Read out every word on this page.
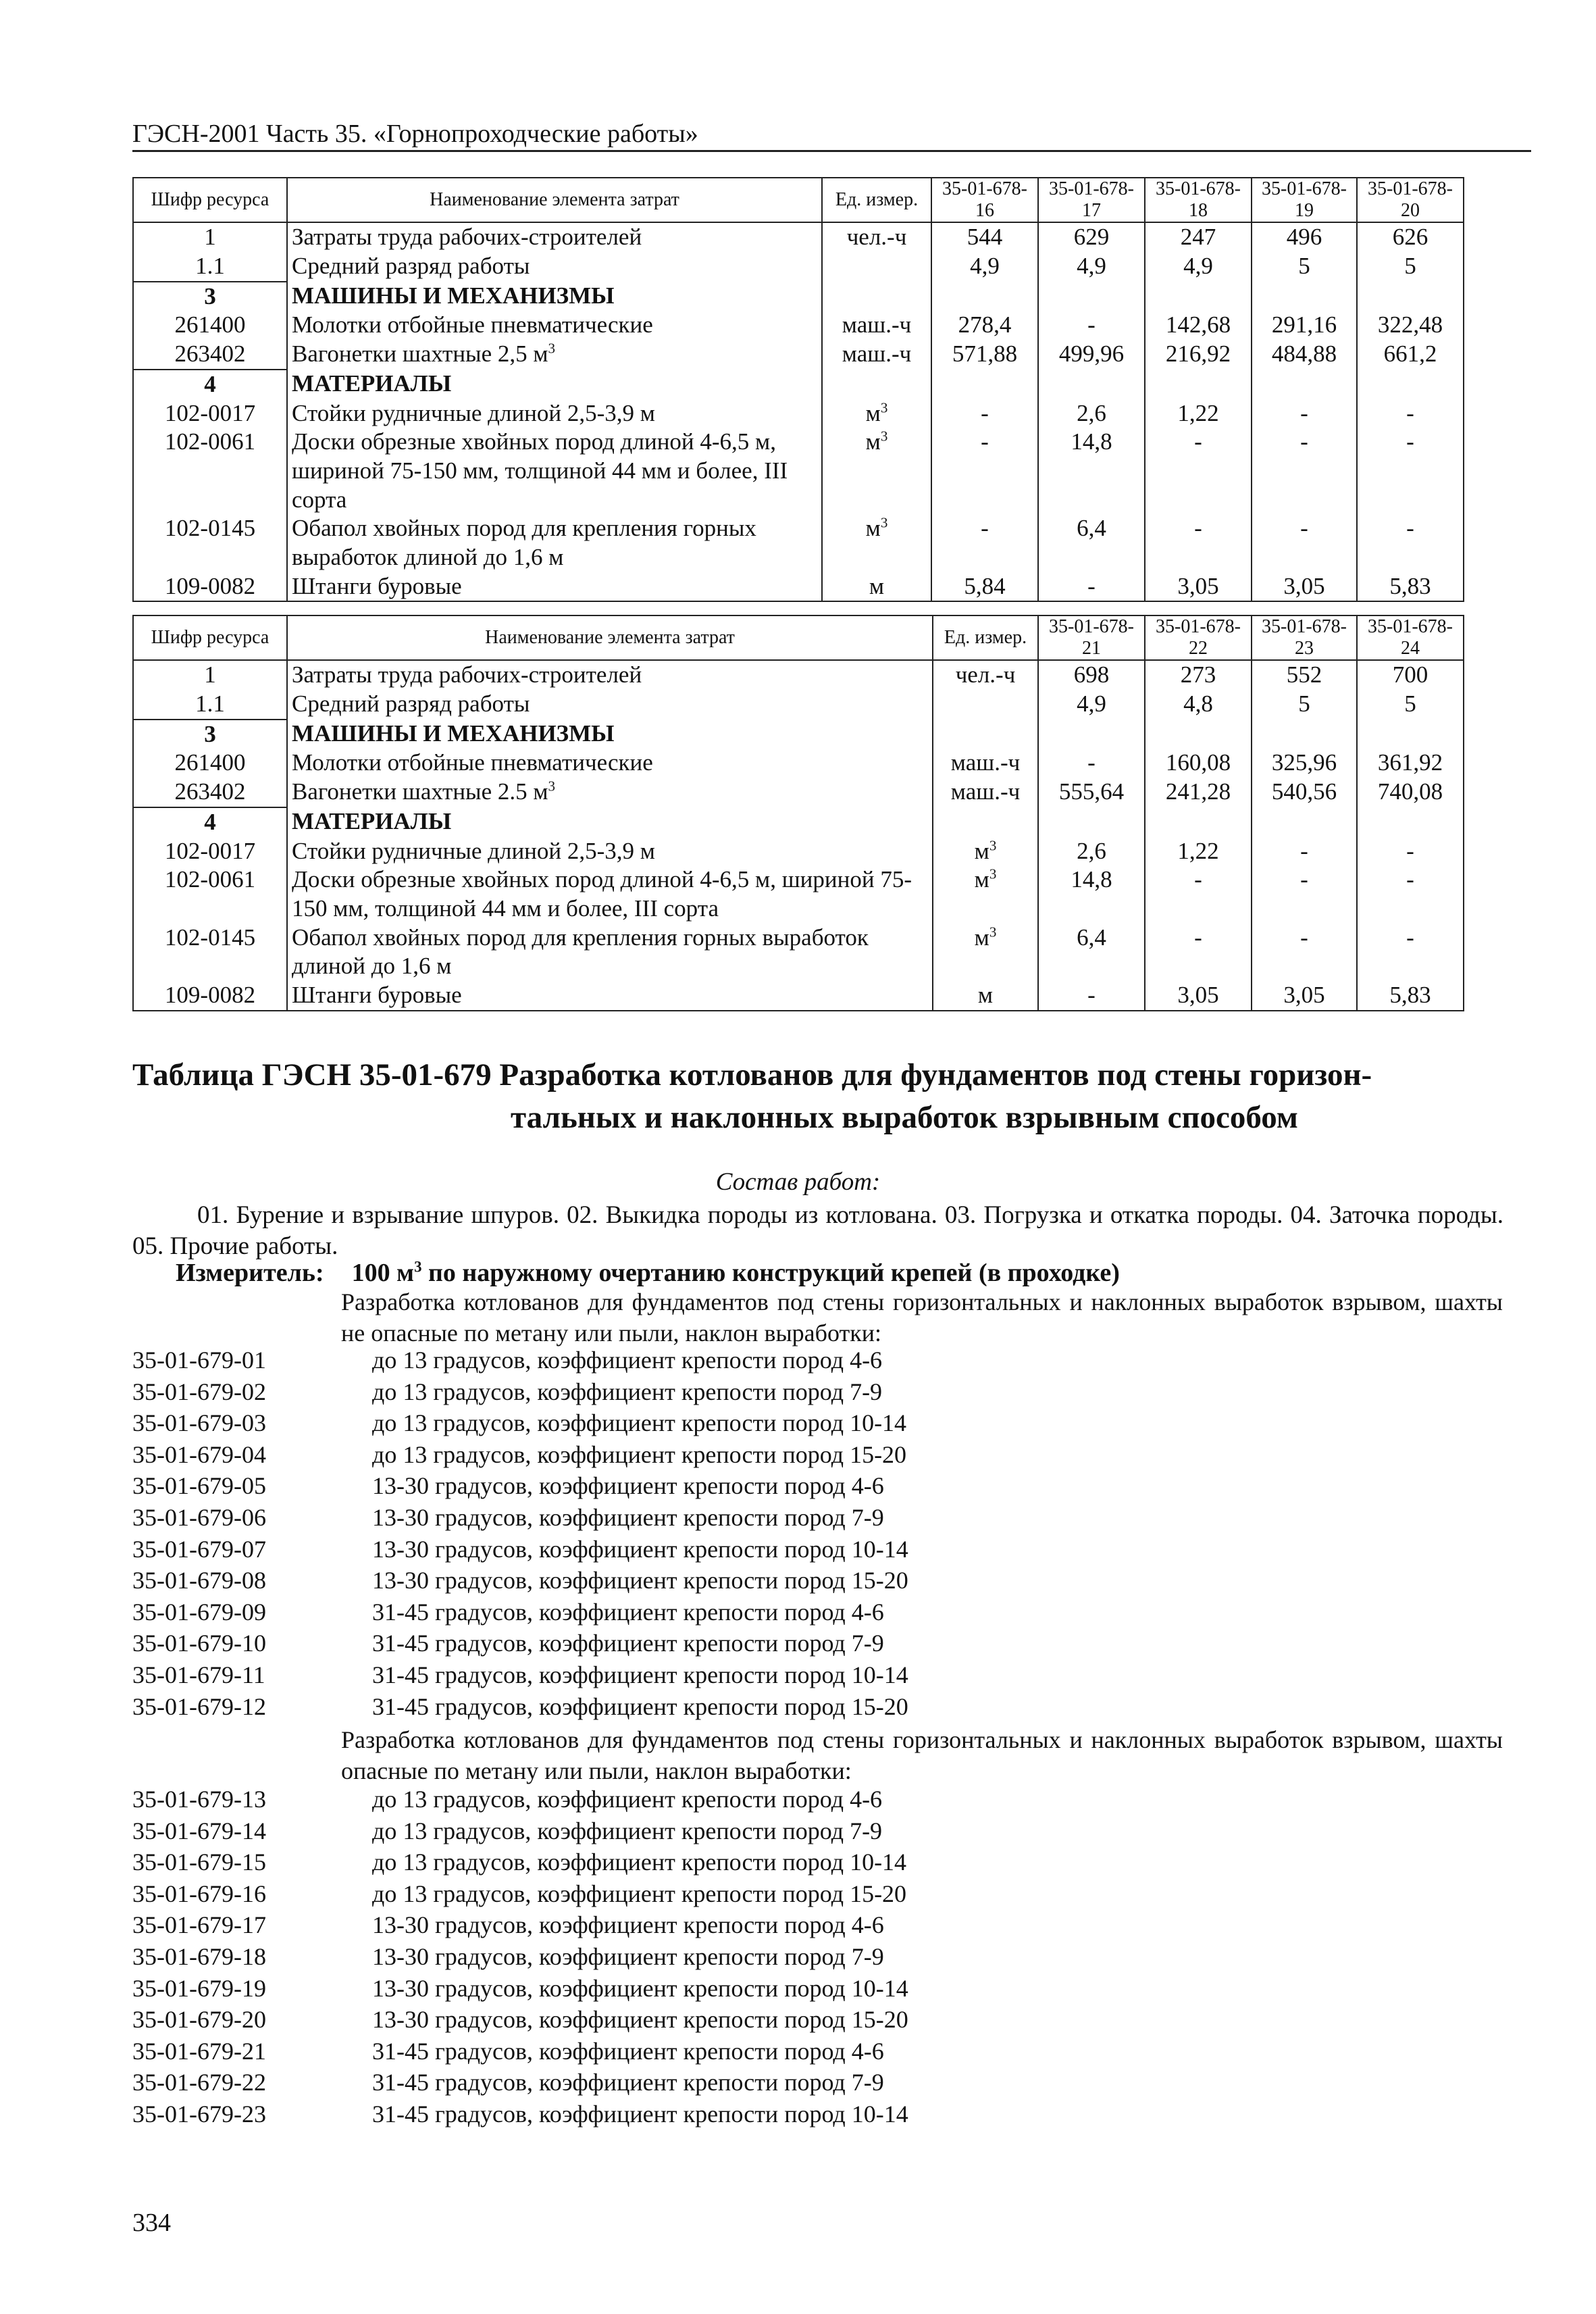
ГЭСН-2001 Часть 35. «Горнопроходческие работы»
Шифр ресурса	Наименование элемента затрат	Ед. измер.	35-01-678-16	35-01-678-17	35-01-678-18	35-01-678-19	35-01-678-20
1	Затраты труда рабочих-строителей	чел.-ч	544	629	247	496	626
1.1	Средний разряд работы		4,9	4,9	4,9	5	5
3	МАШИНЫ И МЕХАНИЗМЫ						
261400	Молотки отбойные пневматические	маш.-ч	278,4	-	142,68	291,16	322,48
263402	Вагонетки шахтные 2,5 $м^3$	маш.-ч	571,88	499,96	216,92	484,88	661,2
4	МАТЕРИАЛЫ						
102-0017	Стойки рудничные длиной 2,5-3,9 м	$м^3$	-	2,6	1,22	-	-
102-0061	Доски обрезные хвойных пород длиной 4-6,5 м, шириной 75-150 мм, толщиной 44 мм и более, III сорта	$м^3$	-	14,8	-	-	-
102-0145	Обапол хвойных пород для крепления горных выработок длиной до 1,6 м	$м^3$	-	6,4	-	-	-
109-0082	Штанги буровые	м	5,84	-	3,05	3,05	5,83
Шифр ресурса	Наименование элемента затрат	Ед. измер.	35-01-678-21	35-01-678-22	35-01-678-23	35-01-678-24
1	Затраты труда рабочих-строителей	чел.-ч	698	273	552	700
1.1	Средний разряд работы		4,9	4,8	5	5
3	МАШИНЫ И МЕХАНИЗМЫ					
261400	Молотки отбойные пневматические	маш.-ч	-	160,08	325,96	361,92
263402	Вагонетки шахтные 2.5 $м^3$	маш.-ч	555,64	241,28	540,56	740,08
4	МАТЕРИАЛЫ					
102-0017	Стойки рудничные длиной 2,5-3,9 м	$м^3$	2,6	1,22	-	-
102-0061	Доски обрезные хвойных пород длиной 4-6,5 м, шириной 75-150 мм, толщиной 44 мм и более, III сорта	$м^3$	14,8	-	-	-
102-0145	Обапол хвойных пород для крепления горных выработок длиной до 1,6 м	$м^3$	6,4	-	-	-
109-0082	Штанги буровые	м	-	3,05	3,05	5,83
Таблица ГЭСН 35-01-679 Разработка котлованов для фундаментов под стены горизон-
тальных и наклонных выработок взрывным способом
Состав работ:
01. Бурение и взрывание шпуров. 02. Выкидка породы из котлована. 03. Погрузка и откатка породы. 04. Заточка породы. 05. Прочие работы.
Измеритель: 100 $м^3$ по наружному очертанию конструкций крепей (в проходке)
Разработка котлованов для фундаментов под стены горизонтальных и наклонных выработок взрывом, шахты не опасные по метану или пыли, наклон выработки:
35-01-679-01	до 13 градусов, коэффициент крепости пород 4-6
35-01-679-02	до 13 градусов, коэффициент крепости пород 7-9
35-01-679-03	до 13 градусов, коэффициент крепости пород 10-14
35-01-679-04	до 13 градусов, коэффициент крепости пород 15-20
35-01-679-05	13-30 градусов, коэффициент крепости пород 4-6
35-01-679-06	13-30 градусов, коэффициент крепости пород 7-9
35-01-679-07	13-30 градусов, коэффициент крепости пород 10-14
35-01-679-08	13-30 градусов, коэффициент крепости пород 15-20
35-01-679-09	31-45 градусов, коэффициент крепости пород 4-6
35-01-679-10	31-45 градусов, коэффициент крепости пород 7-9
35-01-679-11	31-45 градусов, коэффициент крепости пород 10-14
35-01-679-12	31-45 градусов, коэффициент крепости пород 15-20
Разработка котлованов для фундаментов под стены горизонтальных и наклонных выработок взрывом, шахты опасные по метану или пыли, наклон выработки:
35-01-679-13	до 13 градусов, коэффициент крепости пород 4-6
35-01-679-14	до 13 градусов, коэффициент крепости пород 7-9
35-01-679-15	до 13 градусов, коэффициент крепости пород 10-14
35-01-679-16	до 13 градусов, коэффициент крепости пород 15-20
35-01-679-17	13-30 градусов, коэффициент крепости пород 4-6
35-01-679-18	13-30 градусов, коэффициент крепости пород 7-9
35-01-679-19	13-30 градусов, коэффициент крепости пород 10-14
35-01-679-20	13-30 градусов, коэффициент крепости пород 15-20
35-01-679-21	31-45 градусов, коэффициент крепости пород 4-6
35-01-679-22	31-45 градусов, коэффициент крепости пород 7-9
35-01-679-23	31-45 градусов, коэффициент крепости пород 10-14
334
